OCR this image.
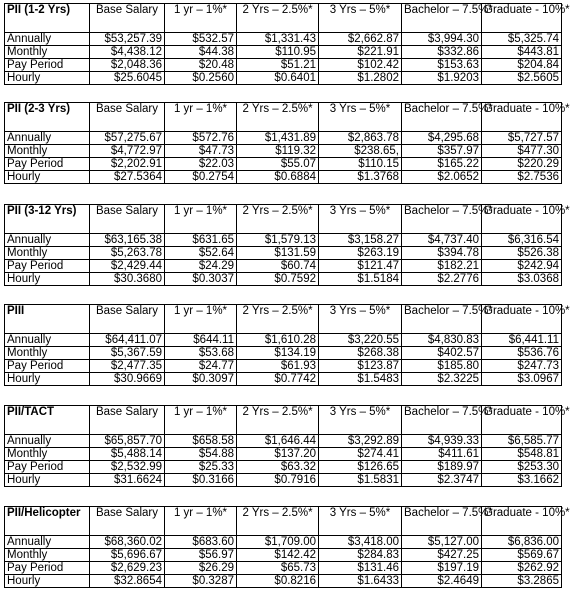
PII (1-2 Yrs)	Base Salary	1 yr – 1%*	2 Yrs – 2.5%*	3 Yrs – 5%*	Bachelor – 7.5%*	Graduate - 10%*
Annually	$53,257.39	$532.57	$1,331.43	$2,662.87	$3,994.30	$5,325.74
Monthly	$4,438.12	$44.38	$110.95	$221.91	$332.86	$443.81
Pay Period	$2,048.36	$20.48	$51.21	$102.42	$153.63	$204.84
Hourly	$25.6045	$0.2560	$0.6401	$1.2802	$1.9203	$2.5605
PII (2-3 Yrs)	Base Salary	1 yr – 1%*	2 Yrs – 2.5%*	3 Yrs – 5%*	Bachelor – 7.5%*	Graduate - 10%*
Annually	$57,275.67	$572.76	$1,431.89	$2,863.78	$4,295.68	$5,727.57
Monthly	$4,772.97	$47.73	$119.32	$238.65,	$357.97	$477.30
Pay Period	$2,202.91	$22.03	$55.07	$110.15	$165.22	$220.29
Hourly	$27.5364	$0.2754	$0.6884	$1.3768	$2.0652	$2.7536
PII (3-12 Yrs)	Base Salary	1 yr – 1%*	2 Yrs – 2.5%*	3 Yrs – 5%*	Bachelor – 7.5%*	Graduate - 10%*
Annually	$63,165.38	$631.65	$1,579.13	$3,158.27	$4,737.40	$6,316.54
Monthly	$5,263.78	$52.64	$131.59	$263.19	$394.78	$526.38
Pay Period	$2,429.44	$24.29	$60.74	$121.47	$182.21	$242.94
Hourly	$30.3680	$0.3037	$0.7592	$1.5184	$2.2776	$3.0368
PIII	Base Salary	1 yr – 1%*	2 Yrs – 2.5%*	3 Yrs – 5%*	Bachelor – 7.5%*	Graduate - 10%*
Annually	$64,411.07	$644.11	$1,610.28	$3,220.55	$4,830.83	$6,441.11
Monthly	$5,367.59	$53.68	$134.19	$268.38	$402.57	$536.76
Pay Period	$2,477.35	$24.77	$61.93	$123.87	$185.80	$247.73
Hourly	$30.9669	$0.3097	$0.7742	$1.5483	$2.3225	$3.0967
PII/TACT	Base Salary	1 yr – 1%*	2 Yrs – 2.5%*	3 Yrs – 5%*	Bachelor – 7.5%*	Graduate - 10%*
Annually	$65,857.70	$658.58	$1,646.44	$3,292.89	$4,939.33	$6,585.77
Monthly	$5,488.14	$54.88	$137.20	$274.41	$411.61	$548.81
Pay Period	$2,532.99	$25.33	$63.32	$126.65	$189.97	$253.30
Hourly	$31.6624	$0.3166	$0.7916	$1.5831	$2.3747	$3.1662
PII/Helicopter	Base Salary	1 yr – 1%*	2 Yrs – 2.5%*	3 Yrs – 5%*	Bachelor – 7.5%*	Graduate - 10%*
Annually	$68,360.02	$683.60	$1,709.00	$3,418.00	$5,127.00	$6,836.00
Monthly	$5,696.67	$56.97	$142.42	$284.83	$427.25	$569.67
Pay Period	$2,629.23	$26.29	$65.73	$131.46	$197.19	$262.92
Hourly	$32.8654	$0.3287	$0.8216	$1.6433	$2.4649	$3.2865
